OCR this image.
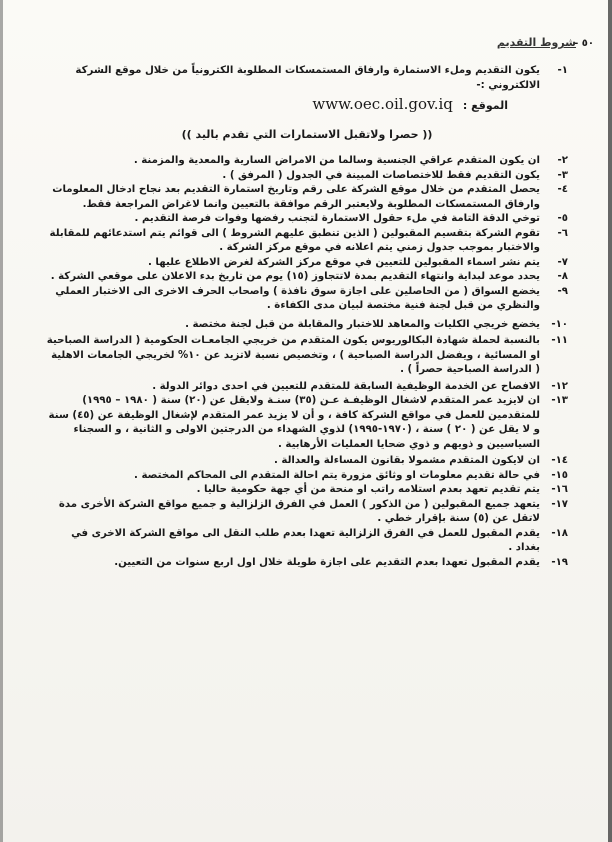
٥٠ -
شروط التقديم
١-
يكون التقديم وملء الاستمارة وارفاق المستمسكات المطلوبة الكترونياً من خلال موقع الشركة الالكتروني :-
الموقع :
www.oec.oil.gov.iq
(( حصرا ولاتقبل الاستمارات التي تقدم باليد ))
٢-
ان يكون المتقدم عراقي الجنسية وسالما من الامراض السارية والمعدية والمزمنة .
٣-
يكون التقديم فقط للاختصاصات المبينة في الجدول ( المرفق ) .
٤-
يحصل المتقدم من خلال موقع الشركة على رقم وتاريخ استمارة التقديم بعد نجاح ادخال المعلومات وارفاق المستمسكات المطلوبة ولايعتبر الرقم موافقة بالتعيين وانما لاغراض المراجعة فقط.
٥-
توخي الدقة التامة في ملء حقول الاستمارة لتجنب رفضها وفوات فرصة التقديم .
٦-
تقوم الشركة بتقسيم المقبولين ( الذين تنطبق عليهم الشروط ) الى قوائم يتم استدعائهم للمقابلة والاختبار بموجب جدول زمني يتم اعلانه في موقع مركز الشركة .
٧-
يتم نشر اسماء المقبولين للتعيين في موقع مركز الشركة لغرض الاطلاع عليها .
٨-
يحدد موعد لبداية وانتهاء التقديم بمدة لاتتجاوز (١٥) يوم من تاريخ بدء الاعلان على موقعي الشركة .
٩-
يخضع السواق ( من الحاصلين على اجازة سوق نافذة ) واصحاب الحرف الاخرى الى الاختبار العملي والنظري من قبل لجنة فنية مختصة لبيان مدى الكفاءة .
١٠-
يخضع خريجي الكليات والمعاهد للاختبار والمقابلة من قبل لجنة مختصة .
١١-
بالنسبة لحملة شهادة البكالوريوس يكون المتقدم من خريجي الجامعـات الحكومية ( الدراسة الصباحية او المسائية ، ويفضل الدراسة الصباحية ) ، وتخصيص نسبة لاتزيد عن ١٠% لخريجي الجامعات الاهلية ( الدراسة الصباحية حصراً ) .
١٢-
الافصاح عن الخدمة الوظيفية السابقة للمتقدم للتعيين في احدى دوائر الدولة .
١٣-
ان لايزيد عمر المتقدم لاشغال الوظيفـة عـن (٣٥) سنـة ولايقل عن (٢٠) سنة ( ١٩٨٠ – ١٩٩٥) للمتقدمين للعمل في مواقع الشركة كافة ، و أن لا يزيد عمر المتقدم لإشغال الوظيفة عن (٤٥) سنة و لا يقل عن ( ٢٠ ) سنة ، (١٩٧٠-١٩٩٥) لذوي الشهداء من الدرجتين الاولى و الثانية ، و السجناء السياسيين و ذويهم و ذوي ضحايا العمليات الأرهابية .
١٤-
ان لايكون المتقدم مشمولا بقانون المساءلة والعدالة .
١٥-
في حالة تقديم معلومات او وثائق مزورة يتم احالة المتقدم الى المحاكم المختصة .
١٦-
يتم تقديم تعهد بعدم استلامه راتب او منحة من أي جهة حكومية حاليا .
١٧-
يتعهد جميع المقبولين ( من الذكور ) العمل في الفرق الزلزالية و جميع مواقع الشركة الأخرى مدة لاتقل عن (٥) سنة بإقرار خطي .
١٨-
يقدم المقبول للعمل في الفرق الزلزالية تعهدا بعدم طلب النقل الى مواقع الشركة الاخرى في بغداد .
١٩-
يقدم المقبول تعهدا بعدم التقديم على اجازة طويلة خلال اول اربع سنوات من التعيين.
